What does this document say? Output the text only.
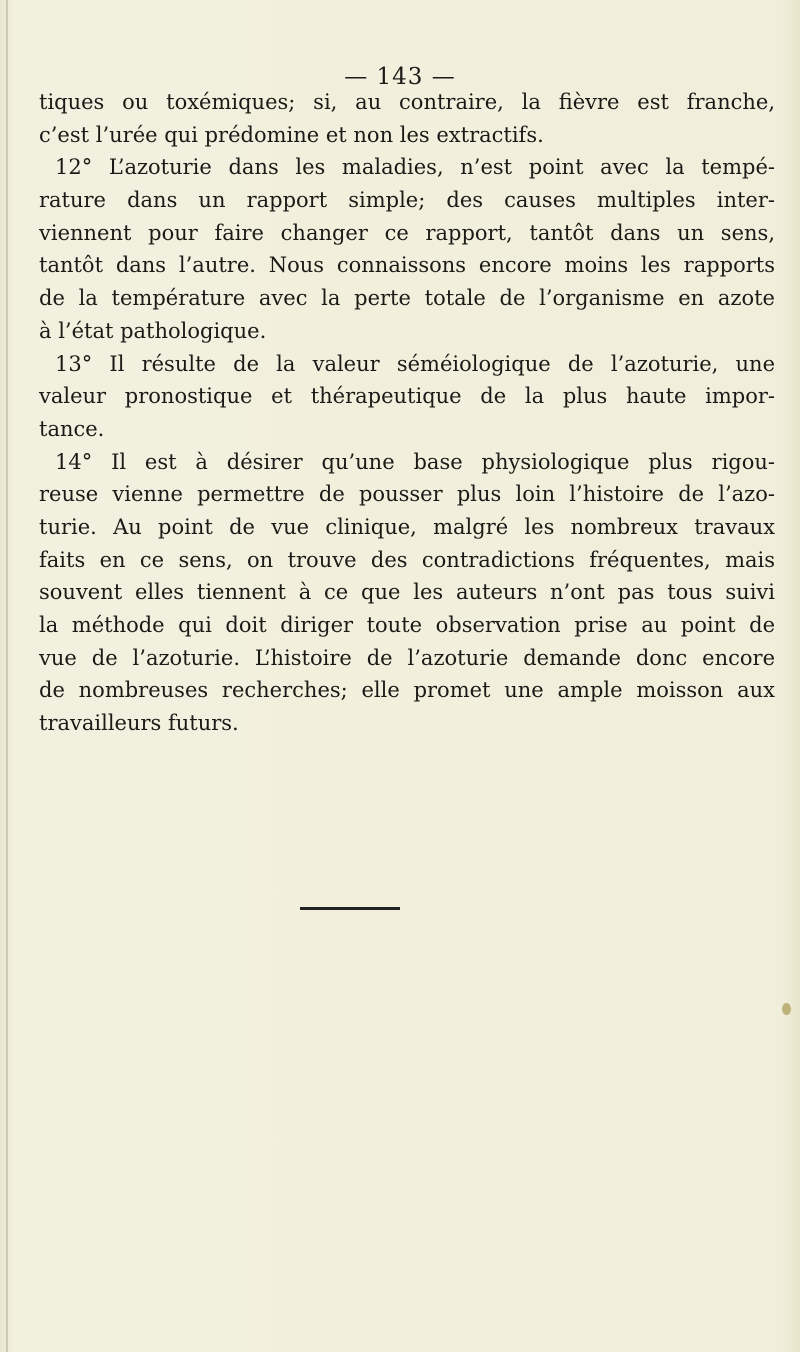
— 143 —
tiques ou toxémiques; si, au contraire, la fièvre est franche,
c’est l’urée qui prédomine et non les extractifs.
12° L’azoturie dans les maladies, n’est point avec la tempé-
rature dans un rapport simple; des causes multiples inter-
viennent pour faire changer ce rapport, tantôt dans un sens,
tantôt dans l’autre. Nous connaissons encore moins les rapports
de la température avec la perte totale de l’organisme en azote
à l’état pathologique.
13° Il résulte de la valeur séméiologique de l’azoturie, une
valeur pronostique et thérapeutique de la plus haute impor-
tance.
14° Il est à désirer qu’une base physiologique plus rigou-
reuse vienne permettre de pousser plus loin l’histoire de l’azo-
turie. Au point de vue clinique, malgré les nombreux travaux
faits en ce sens, on trouve des contradictions fréquentes, mais
souvent elles tiennent à ce que les auteurs n’ont pas tous suivi
la méthode qui doit diriger toute observation prise au point de
vue de l’azoturie. L’histoire de l’azoturie demande donc encore
de nombreuses recherches; elle promet une ample moisson aux
travailleurs futurs.
